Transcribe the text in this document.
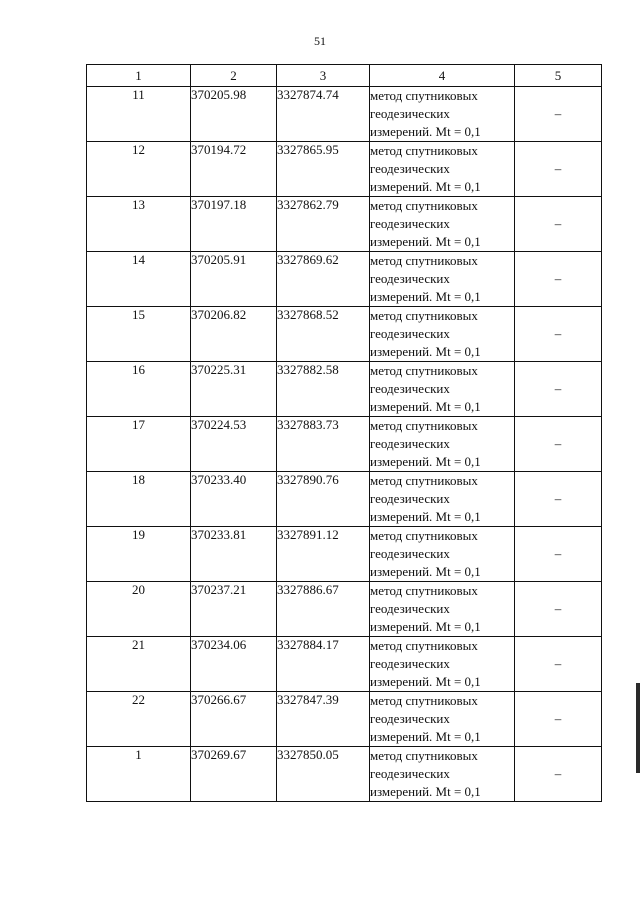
51
1	2	3	4	5
11	370205.98	3327874.74	метод спутниковых
геодезических
измерений. Mt = 0,1	–
12	370194.72	3327865.95	метод спутниковых
геодезических
измерений. Mt = 0,1	–
13	370197.18	3327862.79	метод спутниковых
геодезических
измерений. Mt = 0,1	–
14	370205.91	3327869.62	метод спутниковых
геодезических
измерений. Mt = 0,1	–
15	370206.82	3327868.52	метод спутниковых
геодезических
измерений. Mt = 0,1	–
16	370225.31	3327882.58	метод спутниковых
геодезических
измерений. Mt = 0,1	–
17	370224.53	3327883.73	метод спутниковых
геодезических
измерений. Mt = 0,1	–
18	370233.40	3327890.76	метод спутниковых
геодезических
измерений. Mt = 0,1	–
19	370233.81	3327891.12	метод спутниковых
геодезических
измерений. Mt = 0,1	–
20	370237.21	3327886.67	метод спутниковых
геодезических
измерений. Mt = 0,1	–
21	370234.06	3327884.17	метод спутниковых
геодезических
измерений. Mt = 0,1	–
22	370266.67	3327847.39	метод спутниковых
геодезических
измерений. Mt = 0,1	–
1	370269.67	3327850.05	метод спутниковых
геодезических
измерений. Mt = 0,1	–
